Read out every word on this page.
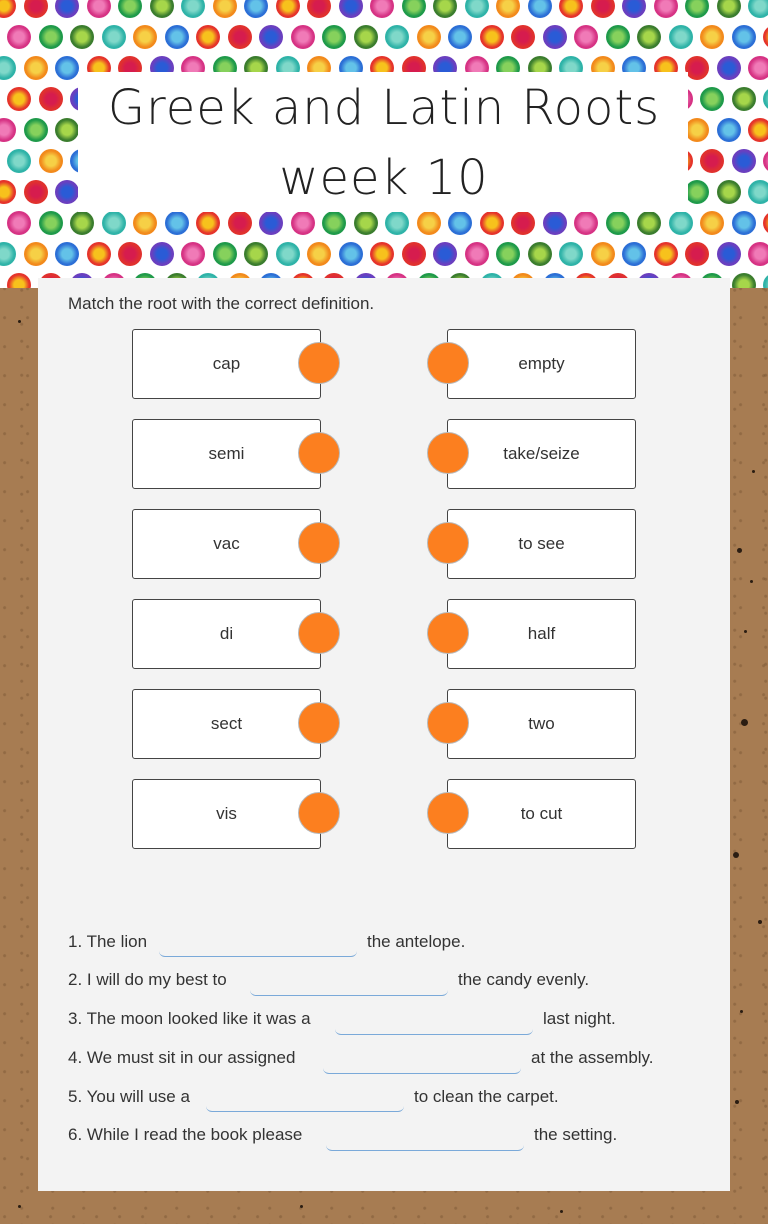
Greek and Latin Roots
week 10
Match the root with the correct definition.
cap
semi
vac
di
sect
vis
empty
take/seize
to see
half
two
to cut
1. The lion	the antelope.
2. I will do my best to	the candy evenly.
3. The moon looked like it was a	last night.
4. We must sit in our assigned	at the assembly.
5. You will use a	to clean the carpet.
6. While I read the book please	the setting.
